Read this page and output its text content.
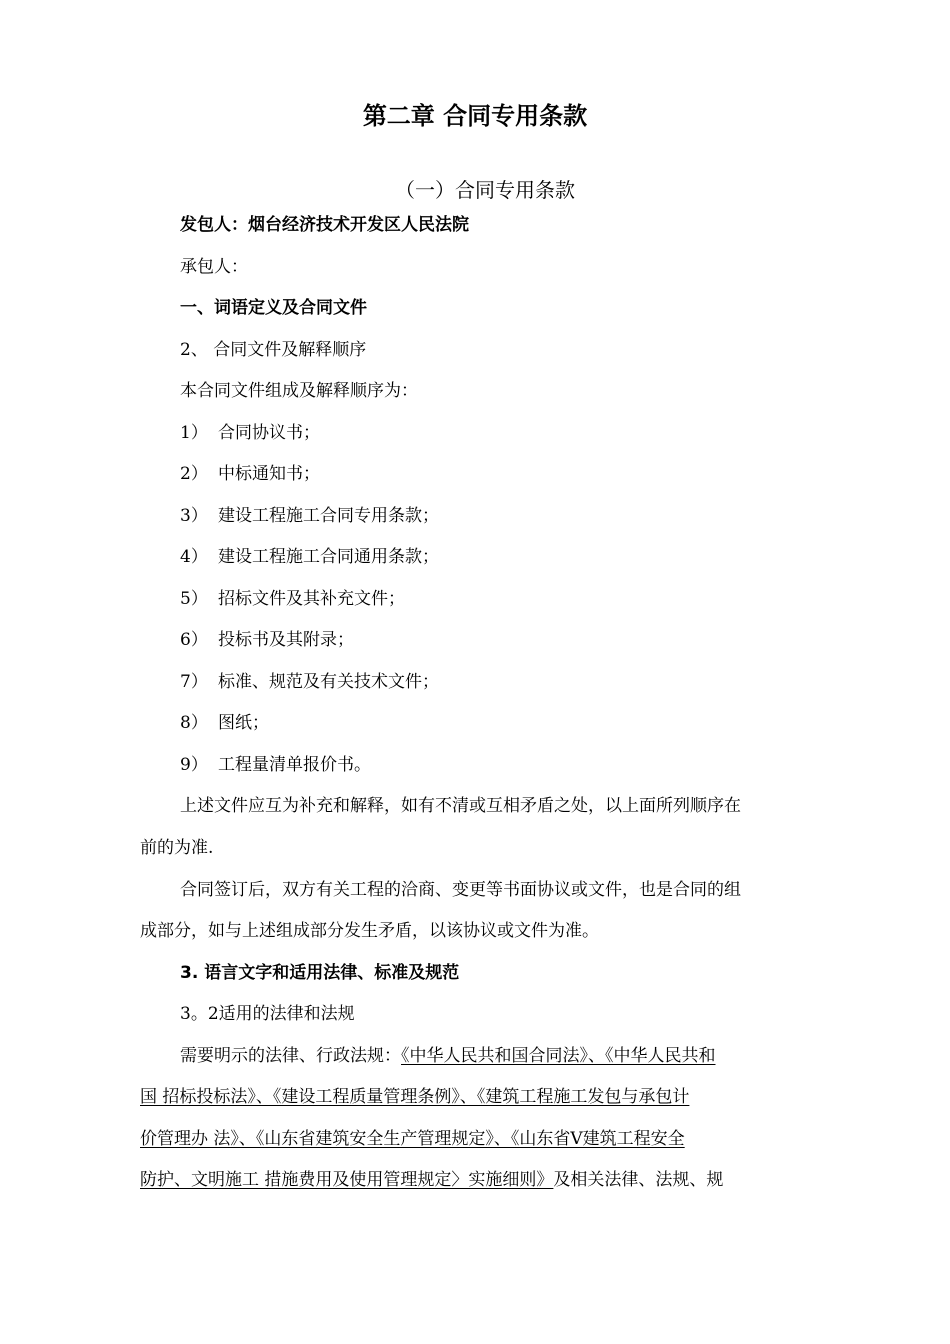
第二章 合同专用条款
（一）合同专用条款
发包人：烟台经济技术开发区人民法院
承包人：
一、词语定义及合同文件
2、 合同文件及解释顺序
本合同文件组成及解释顺序为：
1） 合同协议书；
2） 中标通知书；
3） 建设工程施工合同专用条款；
4） 建设工程施工合同通用条款；
5） 招标文件及其补充文件；
6） 投标书及其附录；
7） 标准、规范及有关技术文件；
8） 图纸；
9） 工程量清单报价书。
上述文件应互为补充和解释，如有不清或互相矛盾之处，以上面所列顺序在
前的为准.
合同签订后，双方有关工程的洽商、变更等书面协议或文件，也是合同的组
成部分，如与上述组成部分发生矛盾，以该协议或文件为准。
3. 语言文字和适用法律、标准及规范
3。2适用的法律和法规
需要明示的法律、行政法规：《中华人民共和国合同法》、《中华人民共和
国 招标投标法》、《建设工程质量管理条例》、《建筑工程施工发包与承包计
价管理办 法》、《山东省建筑安全生产管理规定》、《山东省Ⅴ建筑工程安全
防护、文明施工 措施费用及使用管理规定〉实施细则》及相关法律、法规、规
